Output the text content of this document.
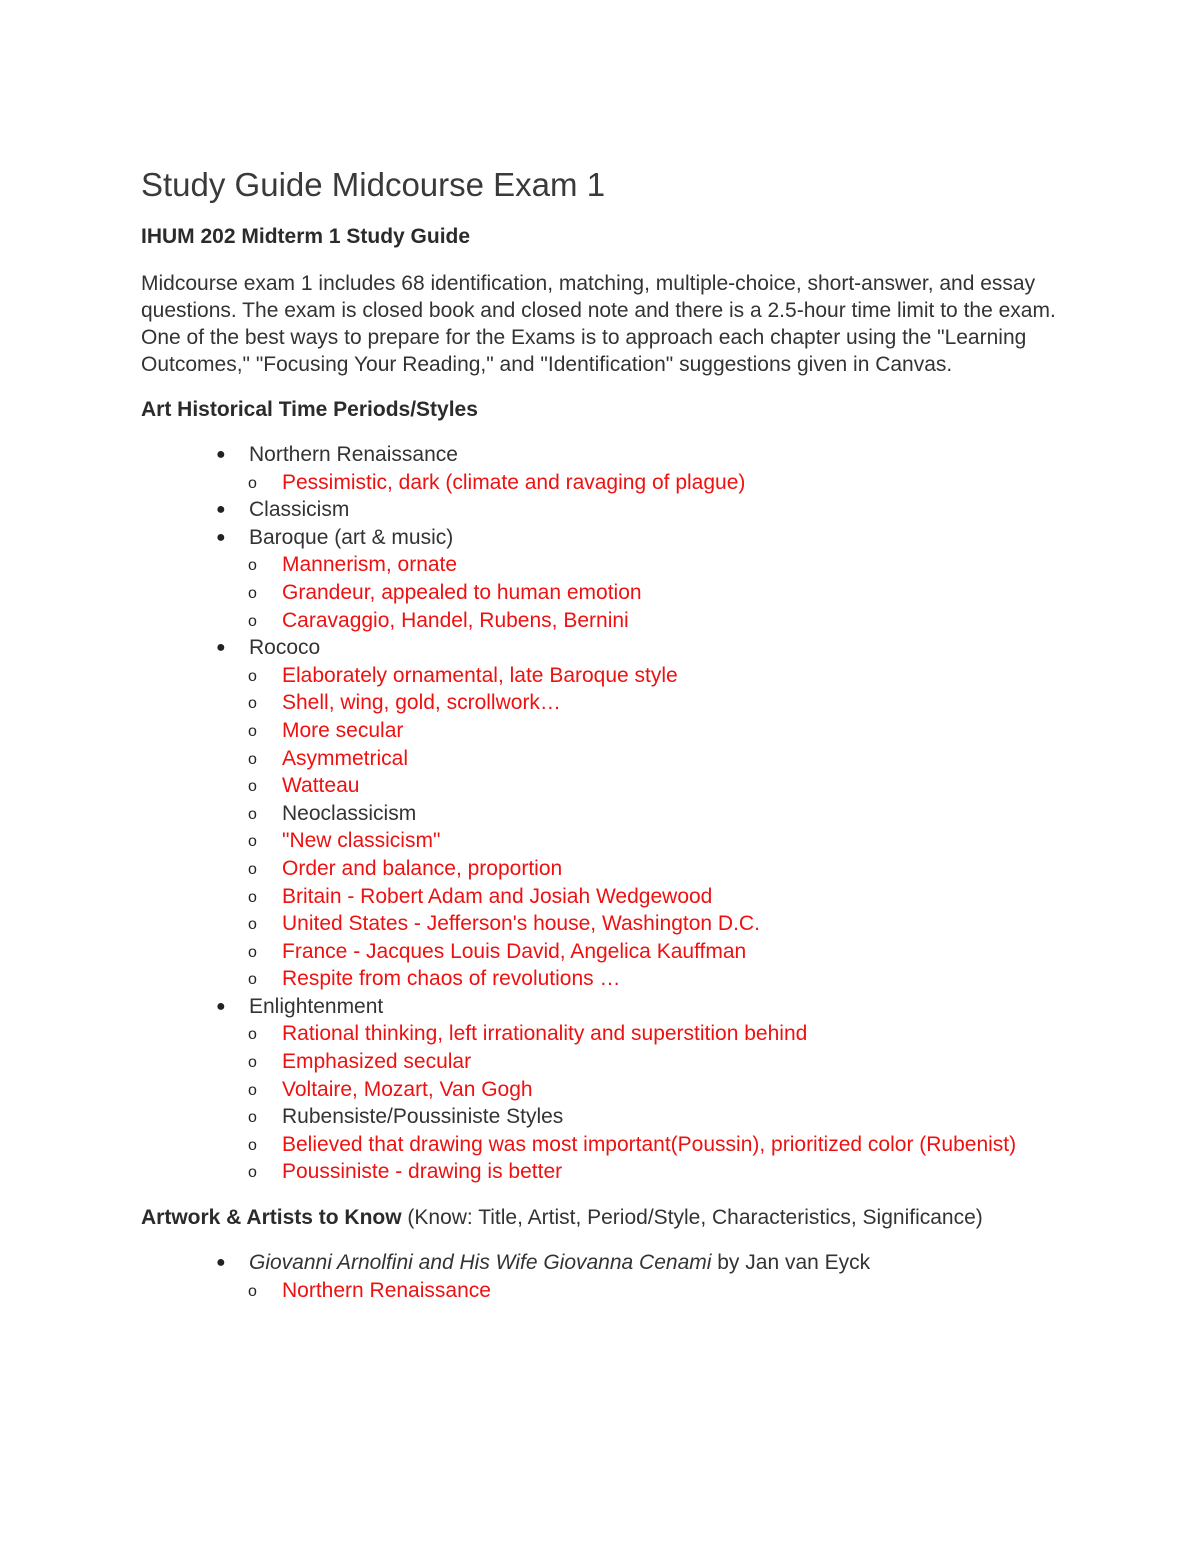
Study Guide Midcourse Exam 1
IHUM 202 Midterm 1 Study Guide

Midcourse exam 1 includes 68 identification, matching, multiple-choice, short-answer, and essay questions. The exam is closed book and closed note and there is a 2.5-hour time limit to the exam. One of the best ways to prepare for the Exams is to approach each chapter using the "Learning Outcomes," "Focusing Your Reading," and "Identification" suggestions given in Canvas.

Art Historical Time Periods/Styles
● Northern Renaissance
o Pessimistic, dark (climate and ravaging of plague)
● Classicism
● Baroque (art & music)
o Mannerism, ornate
o Grandeur, appealed to human emotion
o Caravaggio, Handel, Rubens, Bernini
● Rococo
o Elaborately ornamental, late Baroque style
o Shell, wing, gold, scrollwork…
o More secular
o Asymmetrical
o Watteau
o Neoclassicism
o "New classicism"
o Order and balance, proportion
o Britain - Robert Adam and Josiah Wedgewood
o United States - Jefferson's house, Washington D.C.
o France - Jacques Louis David, Angelica Kauffman
o Respite from chaos of revolutions …
● Enlightenment
o Rational thinking, left irrationality and superstition behind
o Emphasized secular
o Voltaire, Mozart, Van Gogh
o Rubensiste/Poussiniste Styles
o Believed that drawing was most important(Poussin), prioritized color (Rubenist)
o Poussiniste - drawing is better
Artwork & Artists to Know (Know: Title, Artist, Period/Style, Characteristics, Significance)
● Giovanni Arnolfini and His Wife Giovanna Cenami by Jan van Eyck
o Northern Renaissance
